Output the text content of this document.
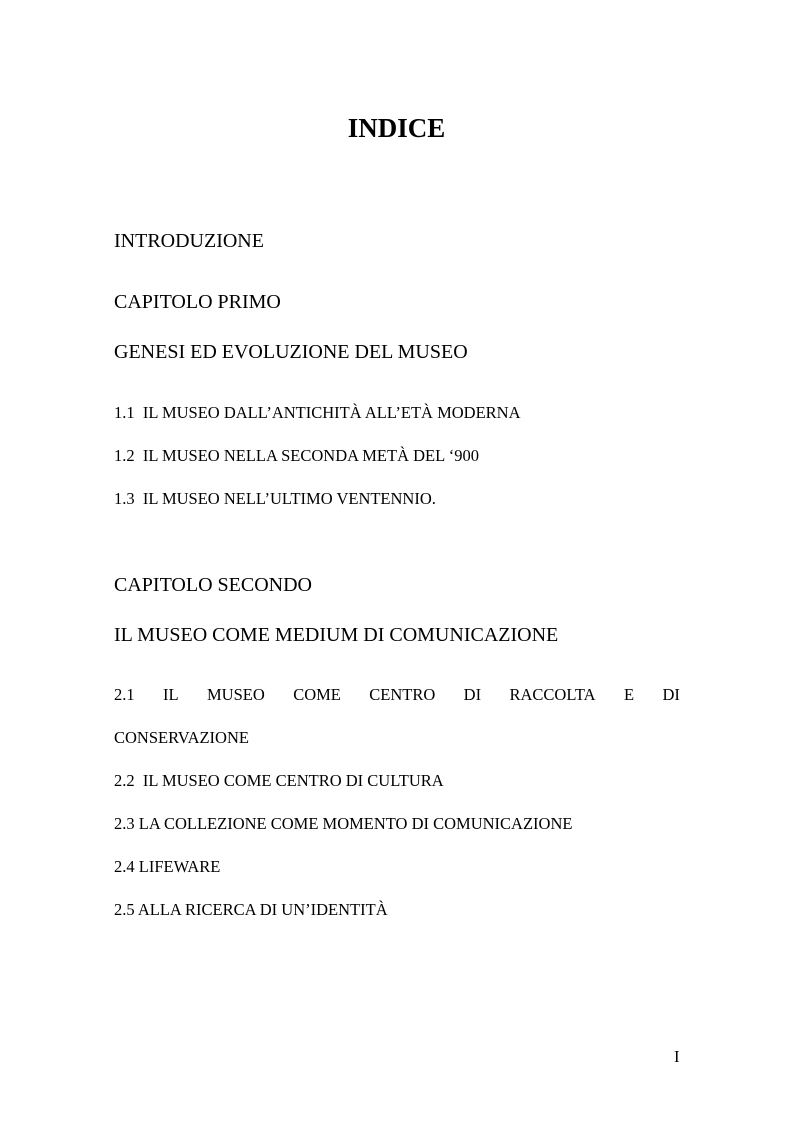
INDICE
INTRODUZIONE
CAPITOLO PRIMO
GENESI ED EVOLUZIONE DEL MUSEO
1.1  IL MUSEO DALL’ANTICHITÀ ALL’ETÀ MODERNA
1.2  IL MUSEO NELLA SECONDA METÀ DEL ‘900
1.3  IL MUSEO NELL’ULTIMO VENTENNIO.
CAPITOLO SECONDO
IL MUSEO COME MEDIUM DI COMUNICAZIONE
2.1 IL MUSEO COME CENTRO DI RACCOLTA E DI
CONSERVAZIONE
2.2  IL MUSEO COME CENTRO DI CULTURA
2.3 LA COLLEZIONE COME MOMENTO DI COMUNICAZIONE
2.4 LIFEWARE
2.5 ALLA RICERCA DI UN’IDENTITÀ
I
